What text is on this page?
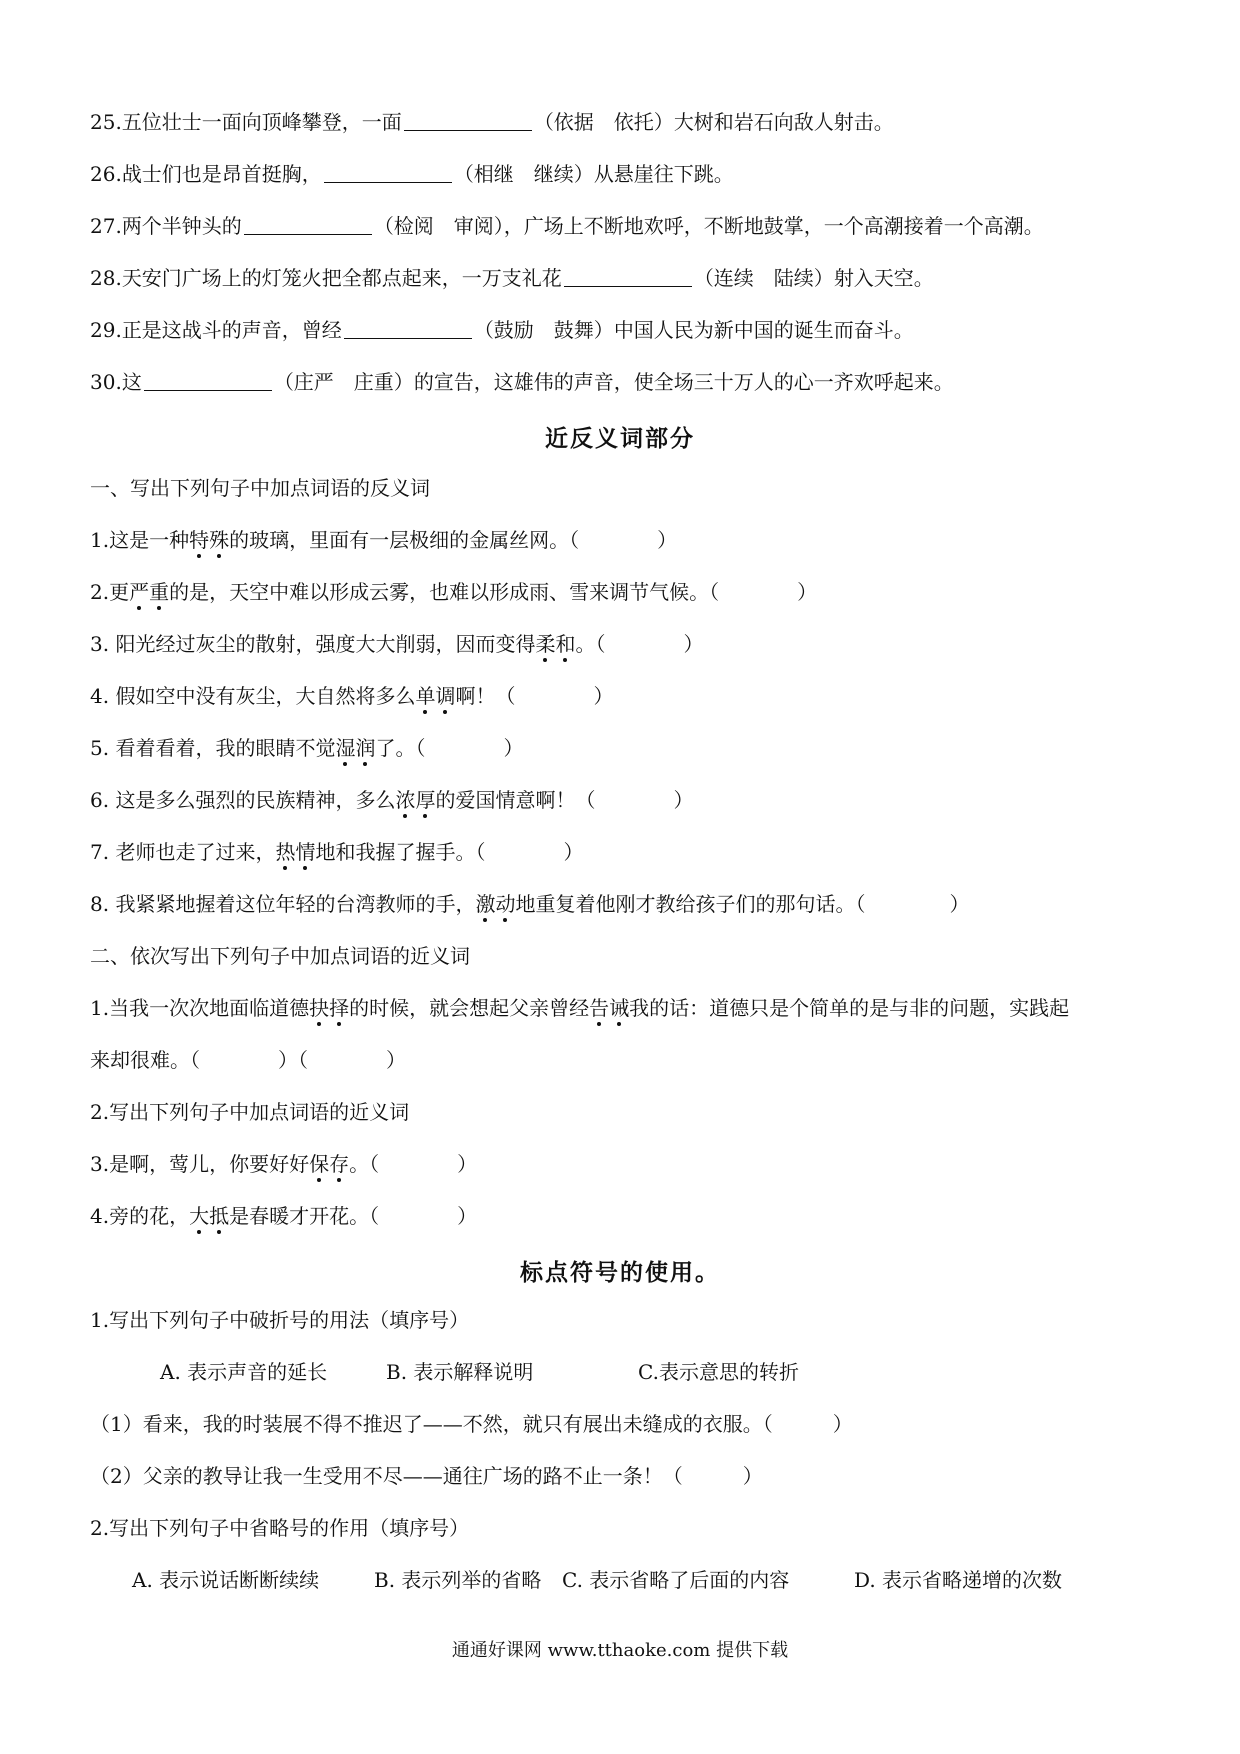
25.五位壮士一面向顶峰攀登，一面	（依据　依托）大树和岩石向敌人射击。
26.战士们也是昂首挺胸，	（相继　继续）从悬崖往下跳。
27.两个半钟头的	（检阅　审阅），广场上不断地欢呼，不断地鼓掌，一个高潮接着一个高潮。
28.天安门广场上的灯笼火把全都点起来，一万支礼花	（连续　陆续）射入天空。
29.正是这战斗的声音，曾经	（鼓励　鼓舞）中国人民为新中国的诞生而奋斗。
30.这	（庄严　庄重）的宣告，这雄伟的声音，使全场三十万人的心一齐欢呼起来。
近反义词部分
一、写出下列句子中加点词语的反义词
1.这是一种特殊的玻璃，里面有一层极细的金属丝网。（	）
2.更严重的是，天空中难以形成云雾，也难以形成雨、雪来调节气候。（	）
3. 阳光经过灰尘的散射，强度大大削弱，因而变得柔和。（	）
4. 假如空中没有灰尘，大自然将多么单调啊！（	）
5. 看着看着，我的眼睛不觉湿润了。（	）
6. 这是多么强烈的民族精神，多么浓厚的爱国情意啊！（	）
7. 老师也走了过来，热情地和我握了握手。（	）
8. 我紧紧地握着这位年轻的台湾教师的手，激动地重复着他刚才教给孩子们的那句话。（	）
二、依次写出下列句子中加点词语的近义词
1.当我一次次地面临道德抉择的时候，就会想起父亲曾经告诫我的话：道德只是个简单的是与非的问题，实践起
来却很难。（	）（	）
2.写出下列句子中加点词语的近义词
3.是啊，莺儿，你要好好保存。（	）
4.旁的花，大抵是春暖才开花。（	）
标点符号的使用。
1.写出下列句子中破折号的用法（填序号）
A. 表示声音的延长	B. 表示解释说明	C.表示意思的转折
（1）看来，我的时装展不得不推迟了——不然，就只有展出未缝成的衣服。（	）
（2）父亲的教导让我一生受用不尽——通往广场的路不止一条！（	）
2.写出下列句子中省略号的作用（填序号）
A. 表示说话断断续续	B. 表示列举的省略 C. 表示省略了后面的内容	D. 表示省略递增的次数
通通好课网 www.tthaoke.com 提供下载
